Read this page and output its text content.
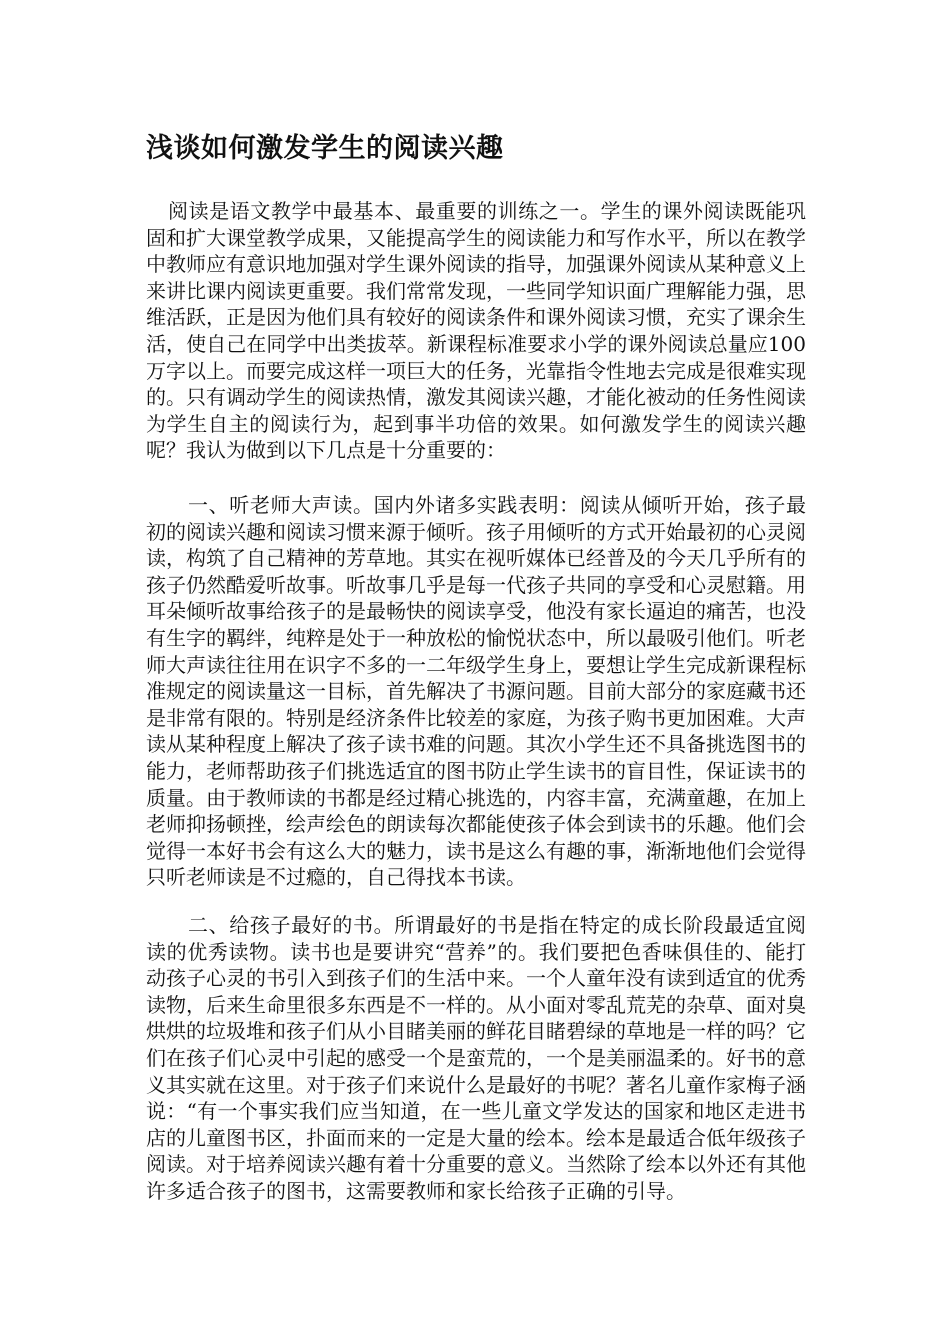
浅谈如何激发学生的阅读兴趣

阅读是语文教学中最基本、最重要的训练之一。学生的课外阅读既能巩固和扩大课堂教学成果，又能提高学生的阅读能力和写作水平，所以在教学中教师应有意识地加强对学生课外阅读的指导，加强课外阅读从某种意义上来讲比课内阅读更重要。我们常常发现，一些同学知识面广理解能力强，思维活跃，正是因为他们具有较好的阅读条件和课外阅读习惯，充实了课余生活，使自己在同学中出类拔萃。新课程标准要求小学的课外阅读总量应100万字以上。而要完成这样一项巨大的任务，光靠指令性地去完成是很难实现的。只有调动学生的阅读热情，激发其阅读兴趣，才能化被动的任务性阅读为学生自主的阅读行为，起到事半功倍的效果。如何激发学生的阅读兴趣呢？我认为做到以下几点是十分重要的：

一、听老师大声读。国内外诸多实践表明：阅读从倾听开始，孩子最初的阅读兴趣和阅读习惯来源于倾听。孩子用倾听的方式开始最初的心灵阅读，构筑了自己精神的芳草地。其实在视听媒体已经普及的今天几乎所有的孩子仍然酷爱听故事。听故事几乎是每一代孩子共同的享受和心灵慰籍。用耳朵倾听故事给孩子的是最畅快的阅读享受，他没有家长逼迫的痛苦，也没有生字的羁绊，纯粹是处于一种放松的愉悦状态中，所以最吸引他们。听老师大声读往往用在识字不多的一二年级学生身上，要想让学生完成新课程标准规定的阅读量这一目标，首先解决了书源问题。目前大部分的家庭藏书还是非常有限的。特别是经济条件比较差的家庭，为孩子购书更加困难。大声读从某种程度上解决了孩子读书难的问题。其次小学生还不具备挑选图书的能力，老师帮助孩子们挑选适宜的图书防止学生读书的盲目性，保证读书的质量。由于教师读的书都是经过精心挑选的，内容丰富，充满童趣，在加上老师抑扬顿挫，绘声绘色的朗读每次都能使孩子体会到读书的乐趣。他们会觉得一本好书会有这么大的魅力，读书是这么有趣的事，渐渐地他们会觉得只听老师读是不过瘾的，自己得找本书读。

二、给孩子最好的书。所谓最好的书是指在特定的成长阶段最适宜阅读的优秀读物。读书也是要讲究“营养”的。我们要把色香味俱佳的、能打动孩子心灵的书引入到孩子们的生活中来。一个人童年没有读到适宜的优秀读物，后来生命里很多东西是不一样的。从小面对零乱荒芜的杂草、面对臭烘烘的垃圾堆和孩子们从小目睹美丽的鲜花目睹碧绿的草地是一样的吗？它们在孩子们心灵中引起的感受一个是蛮荒的，一个是美丽温柔的。好书的意义其实就在这里。对于孩子们来说什么是最好的书呢？著名儿童作家梅子涵说：“有一个事实我们应当知道，在一些儿童文学发达的国家和地区走进书店的儿童图书区，扑面而来的一定是大量的绘本。绘本是最适合低年级孩子阅读。对于培养阅读兴趣有着十分重要的意义。当然除了绘本以外还有其他许多适合孩子的图书，这需要教师和家长给孩子正确的引导。
